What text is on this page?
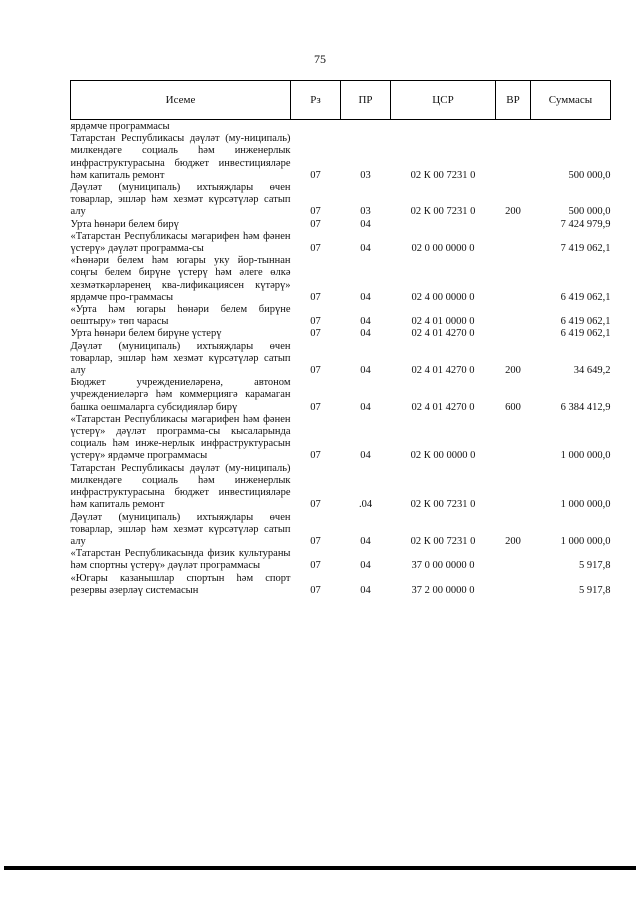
75
Исеме	Рз	ПР	ЦСР	ВР	Суммасы
ярдәмче программасы					
Татарстан Республикасы дәүләт (му-ниципаль) милкендәге социаль һәм инженерлык инфраструктурасына бюджет инвестицияләре һәм капиталь ремонт	07	03	02 К 00 7231 0		500 000,0
Дәүләт (муниципаль) ихтыяҗлары өчен товарлар, эшләр һәм хезмәт күрсәтүләр сатып алу	07	03	02 К 00 7231 0	200	500 000,0
Урта һөнәри белем бирү	07	04			7 424 979,9
«Татарстан Республикасы мәгарифен һәм фәнен үстерү» дәүләт программа-сы	07	04	02 0 00 0000 0		7 419 062,1
«Һөнәри белем һәм югары уку йор-тыннан соңгы белем бирүне үстерү һәм әлеге өлкә хезмәткәрләренең ква-лификациясен күтәрү» ярдәмче про-граммасы	07	04	02 4 00 0000 0		6 419 062,1
«Урта һәм югары һөнәри белем бирүне оештыру» төп чарасы	07	04	02 4 01 0000 0		6 419 062,1
Урта һөнәри белем бирүне үстерү	07	04	02 4 01 4270 0		6 419 062,1
Дәүләт (муниципаль) ихтыяҗлары өчен товарлар, эшләр һәм хезмәт күрсәтүләр сатып алу	07	04	02 4 01 4270 0	200	34 649,2
Бюджет учреждениеләренә, автоном учреждениеләргә һәм коммерциягә карамаган башка оешмаларга субсидияләр бирү	07	04	02 4 01 4270 0	600	6 384 412,9
«Татарстан Республикасы мәгарифен һәм фәнен үстерү» дәүләт программа-сы кысаларында социаль һәм инже-нерлык инфраструктурасын үстерү» ярдәмче программасы	07	04	02 К 00 0000 0		1 000 000,0
Татарстан Республикасы дәүләт (му-ниципаль) милкендәге социаль һәм инженерлык инфраструктурасына бюджет инвестицияләре һәм капиталь ремонт	07	.04	02 К 00 7231 0		1 000 000,0
Дәүләт (муниципаль) ихтыяҗлары өчен товарлар, эшләр һәм хезмәт күрсәтүләр сатып алу	07	04	02 К 00 7231 0	200	1 000 000,0
«Татарстан Республикасында физик культураны һәм спортны үстерү» дәүләт программасы	07	04	37 0 00 0000 0		5 917,8
«Югары казанышлар спортын һәм спорт резервы әзерләү системасын	07	04	37 2 00 0000 0		5 917,8
